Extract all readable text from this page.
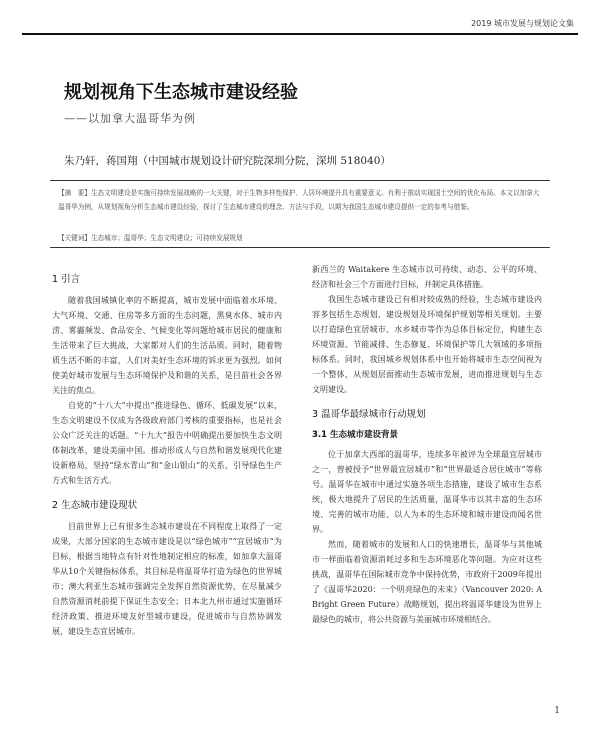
2019 城市发展与规划论文集
规划视角下生态城市建设经验
——以加拿大温哥华为例
朱乃轩，蒋国翔（中国城市规划设计研究院深圳分院，深圳 518040）
【摘　要】生态文明建设是实施可持续发展战略的一大关键，对于生物多样性保护、人居环境提升具有重要意义。有利于推动实现国土空间的优化布局。本文以加拿大温哥华为例，从规划视角分析生态城市建设经验，探讨了生态城市建设的理念、方法与手段，以期为我国生态城市建设提供一定的参考与借鉴。
【关键词】生态城市；温哥华；生态文明建设；可持续发展规划
1 引言

随着我国城镇化率的不断提高，城市发展中面临着水环境、大气环境、交通、住房等多方面的生态问题，黑臭水体、城市内涝、雾霾频发、食品安全、气候变化等问题给城市居民的健康和生活带来了巨大挑战，大家都对人们的生活品质。同时，随着物质生活不断的丰富，人们对美好生态环境的诉求更为强烈。如何使美好城市发展与生态环境保护及和谐的关系，是目前社会各界关注的焦点。

自党的“十八大”中提出“推进绿色、循环、低碳发展”以来，生态文明建设不仅成为各级政府部门考核的重要指标，也是社会公众广泛关注的话题。“十九大”报告中明确提出要加快生态文明体制改革，建设美丽中国。推动形成人与自然和谐发展现代化建设新格局，坚持“绿水青山”和“金山银山”的关系，引导绿色生产方式和生活方式。

2 生态城市建设现状

目前世界上已有很多生态城市建设在不同程度上取得了一定成果，大部分国家的生态城市建设是以“绿色城市”“宜居城市”为目标，根据当地特点有针对性地制定相应的标准，如加拿大温哥华从10个关键指标体系，其目标是将温哥华打造为绿色的世界城市；澳大利亚生态城市强调完全发挥自然资源优势，在尽量减少自然资源消耗前提下保证生态安全；日本北九州市通过实施循环经济政策、推进环境友好型城市建设，促进城市与自然协调发展，建设生态宜居城市。

新西兰的 Waitakere 生态城市以可持续、动态、公平的环境、经济和社会三个方面进行目标，并制定具体措施。

我国生态城市建设已有相对较成熟的经验，生态城市建设内容多包括生态规划、建设规划及环境保护规划等相关规划。主要以打造绿色宜居城市、水乡城市等作为总体目标定位，构建生态环境资源、节能减排、生态修复、环境保护等几大领域的多项指标体系。同时，我国城乡规划体系中也开始将城市生态空间视为一个整体，从规划层面推动生态城市发展，进而推进规划与生态文明建设。

3 温哥华最绿城市行动规划
3.1 生态城市建设背景

位于加拿大西部的温哥华，连续多年被评为全球最宜居城市之一，曾被授予“世界最宜居城市”和“世界最适合居住城市”等称号。温哥华在城市中通过实施各项生态措施，建设了城市生态系统，极大地提升了居民的生活质量，温哥华市以其丰富的生态环境、完善的城市功能、以人为本的生态环境和城市建设而闻名世界。

然而，随着城市的发展和人口的快速增长，温哥华与其他城市一样面临着资源消耗过多和生态环境恶化等问题。为应对这些挑战，温哥华在国际城市竞争中保持优势，市政府于2009年提出了《温哥华2020：一个明亮绿色的未来》（Vancouver 2020: A Bright Green Future）战略规划，提出将温哥华建设为世界上最绿色的城市，将公共资源与美丽城市环境相结合。

1
